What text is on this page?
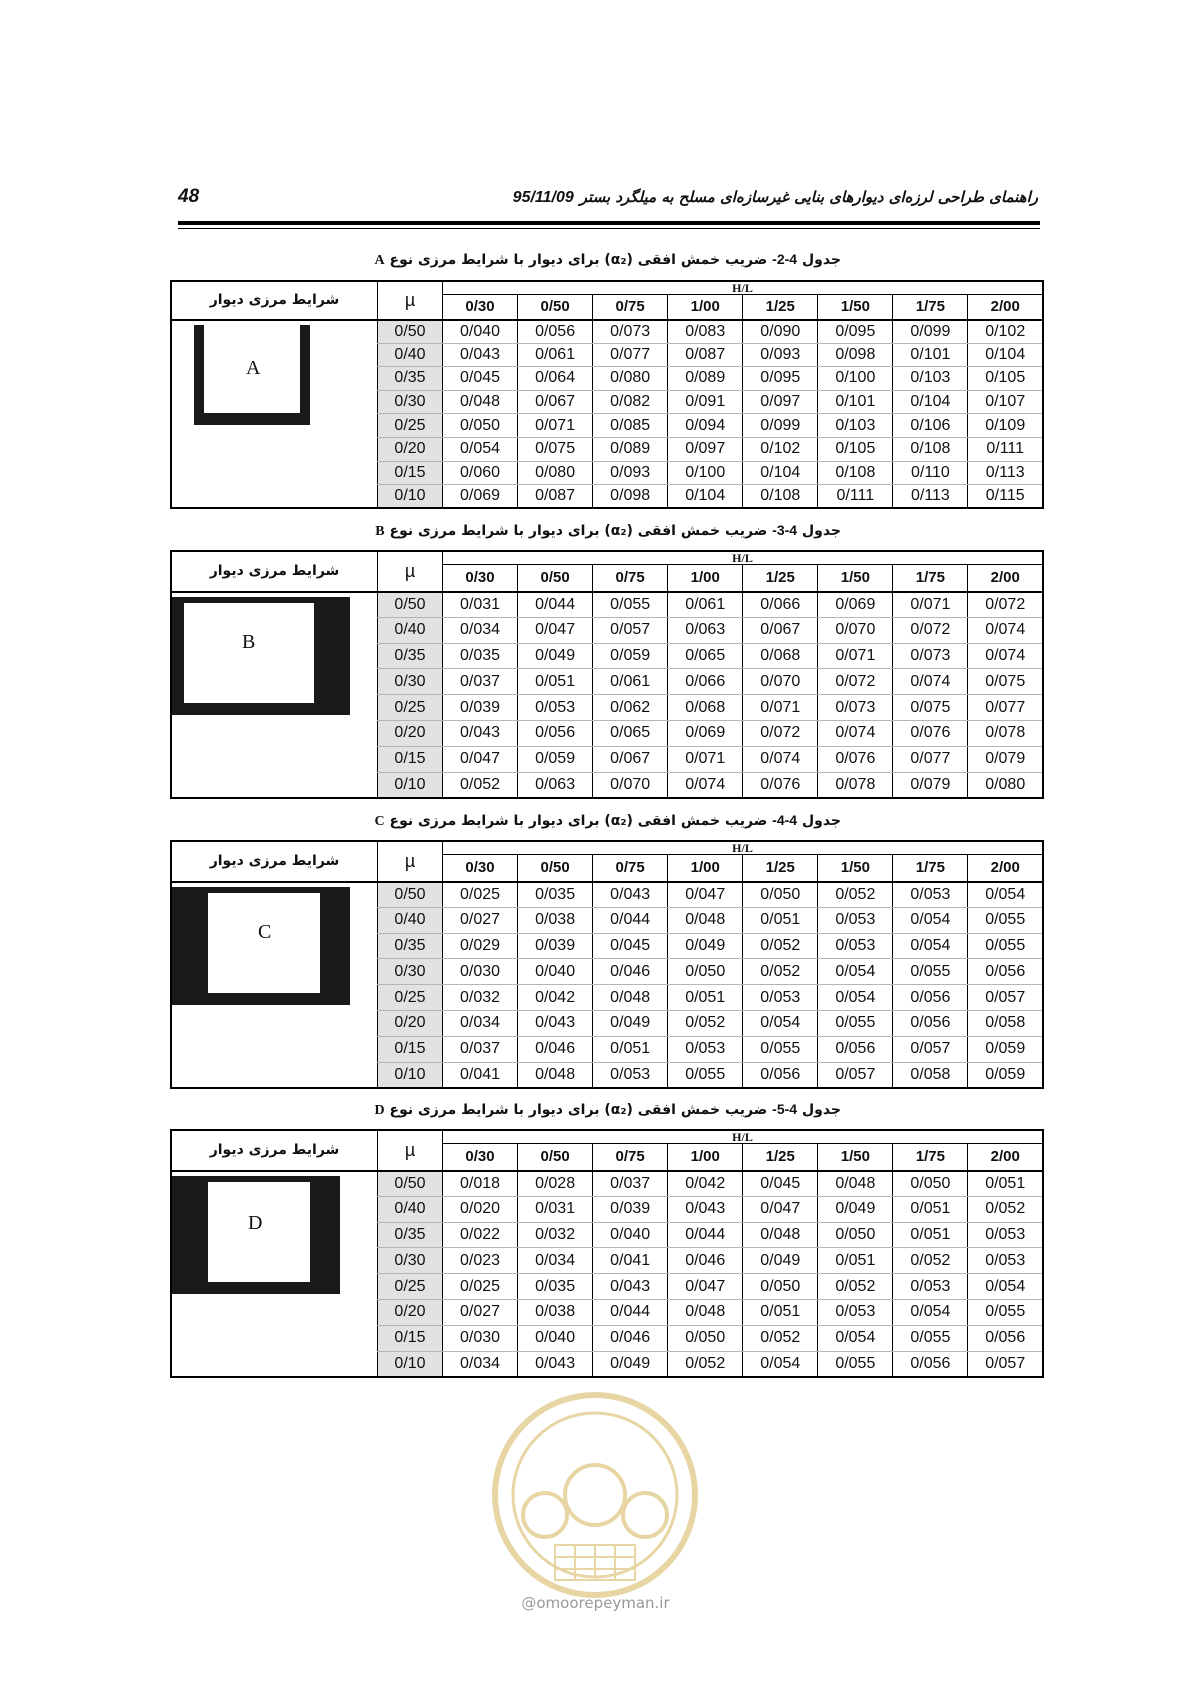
48	راهنمای طراحی لرزه‌ای دیوارهای بنایی غیرسازه‌ای مسلح به میلگرد بستر95/11/09
جدول 4-2- ضریب خمش افقی (α₂) برای دیوار با شرایط مرزی نوع A
شرایط مرزی دیوار	µ	H/L							
		0/30	0/50	0/75	1/00	1/25	1/50	1/75	2/00

A	0/50	0/040	0/056	0/073	0/083	0/090	0/095	0/099	0/102
	0/40	0/043	0/061	0/077	0/087	0/093	0/098	0/101	0/104
	0/35	0/045	0/064	0/080	0/089	0/095	0/100	0/103	0/105
	0/30	0/048	0/067	0/082	0/091	0/097	0/101	0/104	0/107
	0/25	0/050	0/071	0/085	0/094	0/099	0/103	0/106	0/109
	0/20	0/054	0/075	0/089	0/097	0/102	0/105	0/108	0/111
	0/15	0/060	0/080	0/093	0/100	0/104	0/108	0/110	0/113
	0/10	0/069	0/087	0/098	0/104	0/108	0/111	0/113	0/115
جدول 4-3- ضریب خمش افقی (α₂) برای دیوار با شرایط مرزی نوع B
شرایط مرزی دیوار	µ	H/L							
		0/30	0/50	0/75	1/00	1/25	1/50	1/75	2/00

B	0/50	0/031	0/044	0/055	0/061	0/066	0/069	0/071	0/072
	0/40	0/034	0/047	0/057	0/063	0/067	0/070	0/072	0/074
	0/35	0/035	0/049	0/059	0/065	0/068	0/071	0/073	0/074
	0/30	0/037	0/051	0/061	0/066	0/070	0/072	0/074	0/075
	0/25	0/039	0/053	0/062	0/068	0/071	0/073	0/075	0/077
	0/20	0/043	0/056	0/065	0/069	0/072	0/074	0/076	0/078
	0/15	0/047	0/059	0/067	0/071	0/074	0/076	0/077	0/079
	0/10	0/052	0/063	0/070	0/074	0/076	0/078	0/079	0/080
جدول 4-4- ضریب خمش افقی (α₂) برای دیوار با شرایط مرزی نوع C
شرایط مرزی دیوار	µ	H/L							
		0/30	0/50	0/75	1/00	1/25	1/50	1/75	2/00

C	0/50	0/025	0/035	0/043	0/047	0/050	0/052	0/053	0/054
	0/40	0/027	0/038	0/044	0/048	0/051	0/053	0/054	0/055
	0/35	0/029	0/039	0/045	0/049	0/052	0/053	0/054	0/055
	0/30	0/030	0/040	0/046	0/050	0/052	0/054	0/055	0/056
	0/25	0/032	0/042	0/048	0/051	0/053	0/054	0/056	0/057
	0/20	0/034	0/043	0/049	0/052	0/054	0/055	0/056	0/058
	0/15	0/037	0/046	0/051	0/053	0/055	0/056	0/057	0/059
	0/10	0/041	0/048	0/053	0/055	0/056	0/057	0/058	0/059
جدول 4-5- ضریب خمش افقی (α₂) برای دیوار با شرایط مرزی نوع D
شرایط مرزی دیوار	µ	H/L							
		0/30	0/50	0/75	1/00	1/25	1/50	1/75	2/00

D	0/50	0/018	0/028	0/037	0/042	0/045	0/048	0/050	0/051
	0/40	0/020	0/031	0/039	0/043	0/047	0/049	0/051	0/052
	0/35	0/022	0/032	0/040	0/044	0/048	0/050	0/051	0/053
	0/30	0/023	0/034	0/041	0/046	0/049	0/051	0/052	0/053
	0/25	0/025	0/035	0/043	0/047	0/050	0/052	0/053	0/054
	0/20	0/027	0/038	0/044	0/048	0/051	0/053	0/054	0/055
	0/15	0/030	0/040	0/046	0/050	0/052	0/054	0/055	0/056
	0/10	0/034	0/043	0/049	0/052	0/054	0/055	0/056	0/057
@omoorepeyman.ir
